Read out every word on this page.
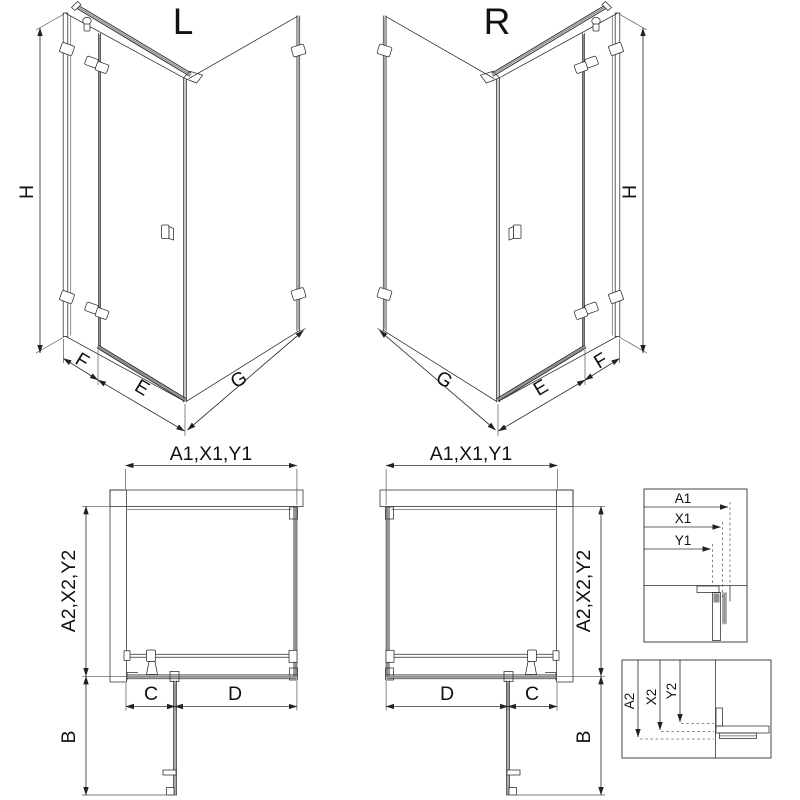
L
H
F
E	G
R
H
F
E
G
A1,X1,Y1
A2,X2,Y2
B
C	D
A1,X1,Y1
A2,X2,Y2
B
D	C
A1
X1
Y1
A2 X2 Y2
